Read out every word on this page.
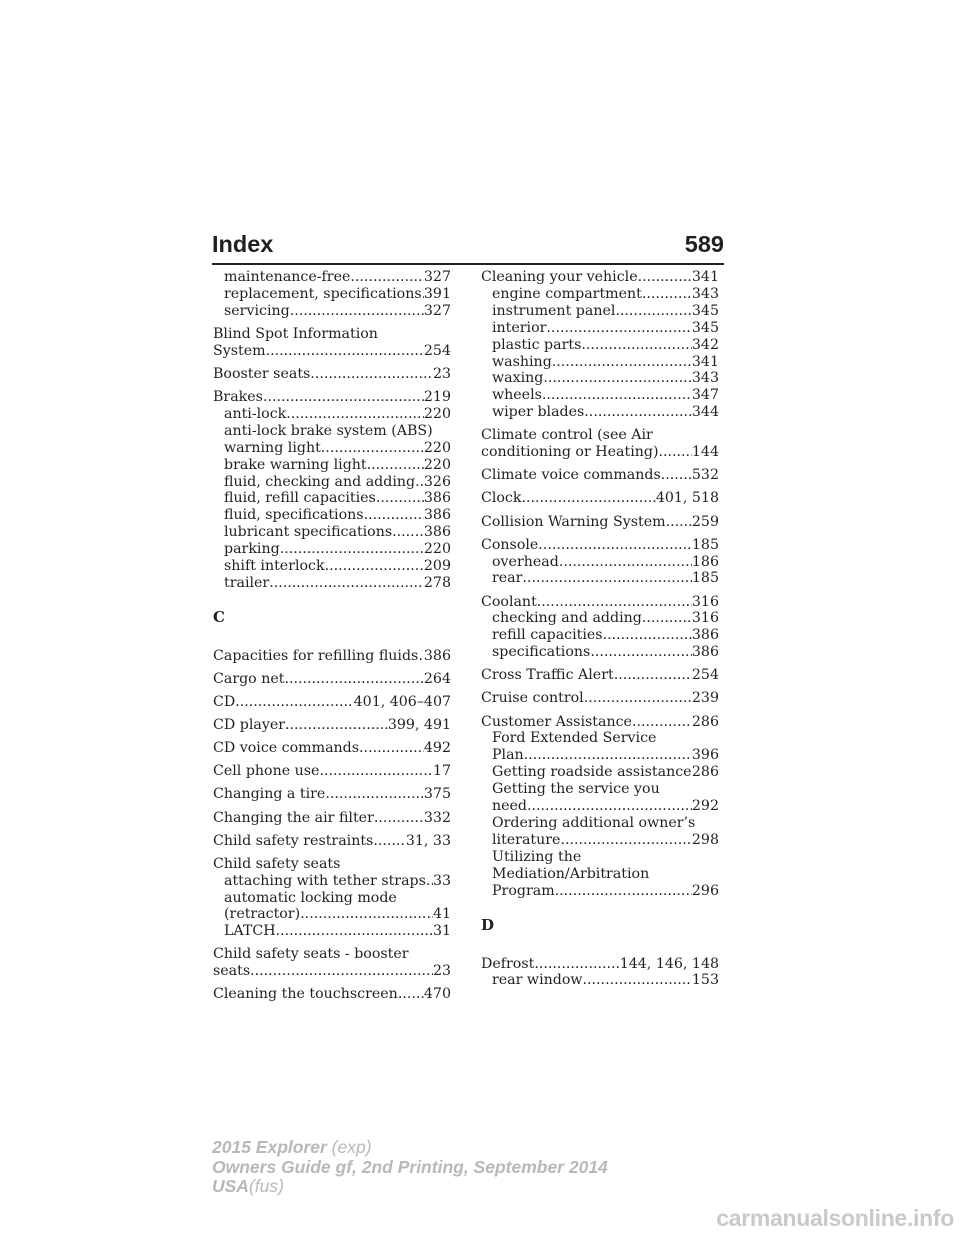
Index	589
maintenance-free .....	327
replacement, specifications ..... 391
servicing .....	327
Blind Spot Information
System .....	254
Booster seats .....	23
Brakes .....	219
anti-lock .....	220
anti-lock brake system (ABS)
warning light .....	220
brake warning light .....	220
fluid, checking and adding ..... 326
fluid, refill capacities .....	386
fluid, specifications .....	386
lubricant specifications ..... 386
parking .....	220
shift interlock .....	209
trailer .....	278
C
Capacities for refilling fluids ..... 386
Cargo net .....	264
CD .....	401, 406–407
CD player .....	399, 491
CD voice commands .....	492
Cell phone use .....	17
Changing a tire .....	375
Changing the air filter .....	332
Child safety restraints ..... 31, 33
Child safety seats
attaching with tether straps ..... 33
automatic locking mode
(retractor) .....	41
LATCH .....	31
Child safety seats - booster
seats .....	23
Cleaning the touchscreen ..... 470
Cleaning your vehicle .....	341
engine compartment .....	343
instrument panel .....	345
interior .....	345
plastic parts .....	342
washing .....	341
waxing .....	343
wheels .....	347
wiper blades .....	344
Climate control (see Air
conditioning or Heating) ..... 144
Climate voice commands ..... 532
Clock .....	401, 518
Collision Warning System ..... 259
Console .....	185
overhead .....	186
rear .....	185
Coolant .....	316
checking and adding .....	316
refill capacities .....	386
specifications .....	386
Cross Traffic Alert .....	254
Cruise control .....	239
Customer Assistance .....	286
Ford Extended Service
Plan .....	396
Getting roadside assistance ..... 286
Getting the service you
need .....	292
Ordering additional owner’s
literature .....	298
Utilizing the
Mediation/Arbitration
Program .....	296
D
Defrost .....	144, 146, 148
rear window .....	153
2015 Explorer (exp)
Owners Guide gf, 2nd Printing, September 2014
USA(fus)
carmanualsonline.info
